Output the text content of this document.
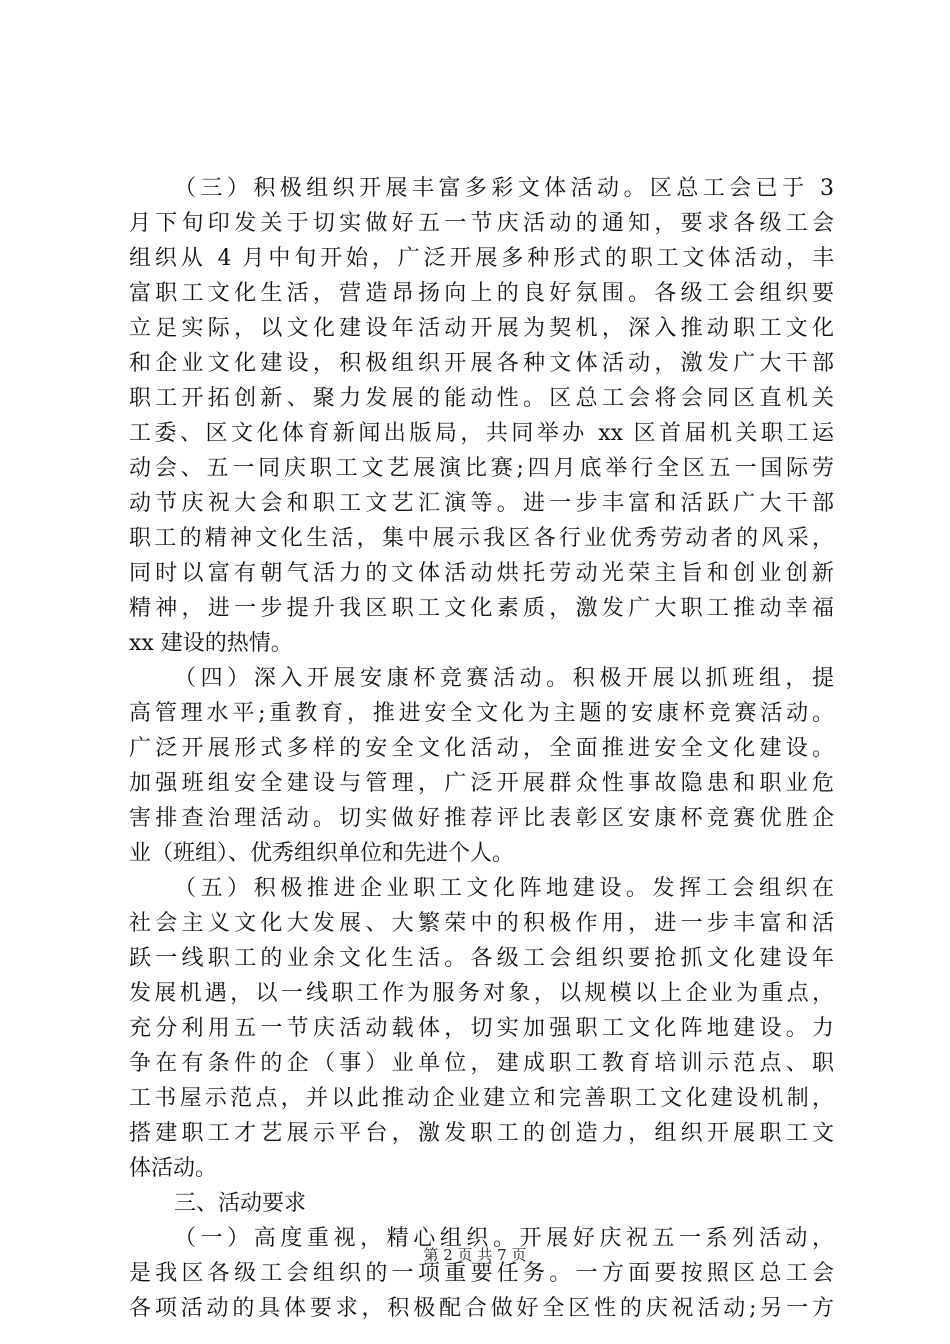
（三）积极组织开展丰富多彩文体活动。区总工会已于 3
月下旬印发关于切实做好五一节庆活动的通知，要求各级工会
组织从 4 月中旬开始，广泛开展多种形式的职工文体活动，丰
富职工文化生活，营造昂扬向上的良好氛围。各级工会组织要
立足实际，以文化建设年活动开展为契机，深入推动职工文化
和企业文化建设，积极组织开展各种文体活动，激发广大干部
职工开拓创新、聚力发展的能动性。区总工会将会同区直机关
工委、区文化体育新闻出版局，共同举办 xx 区首届机关职工运
动会、五一同庆职工文艺展演比赛;四月底举行全区五一国际劳
动节庆祝大会和职工文艺汇演等。进一步丰富和活跃广大干部
职工的精神文化生活，集中展示我区各行业优秀劳动者的风采，
同时以富有朝气活力的文体活动烘托劳动光荣主旨和创业创新
精神，进一步提升我区职工文化素质，激发广大职工推动幸福
xx 建设的热情。
（四）深入开展安康杯竞赛活动。积极开展以抓班组，提
高管理水平;重教育，推进安全文化为主题的安康杯竞赛活动。
广泛开展形式多样的安全文化活动，全面推进安全文化建设。
加强班组安全建设与管理，广泛开展群众性事故隐患和职业危
害排查治理活动。切实做好推荐评比表彰区安康杯竞赛优胜企
业（班组）、优秀组织单位和先进个人。
（五）积极推进企业职工文化阵地建设。发挥工会组织在
社会主义文化大发展、大繁荣中的积极作用，进一步丰富和活
跃一线职工的业余文化生活。各级工会组织要抢抓文化建设年
发展机遇，以一线职工作为服务对象，以规模以上企业为重点，
充分利用五一节庆活动载体，切实加强职工文化阵地建设。力
争在有条件的企（事）业单位，建成职工教育培训示范点、职
工书屋示范点，并以此推动企业建立和完善职工文化建设机制，
搭建职工才艺展示平台，激发职工的创造力，组织开展职工文
体活动。
三、活动要求
（一）高度重视，精心组织。开展好庆祝五一系列活动，
是我区各级工会组织的一项重要任务。一方面要按照区总工会
各项活动的具体要求，积极配合做好全区性的庆祝活动;另一方
第 2 页 共 7 页
